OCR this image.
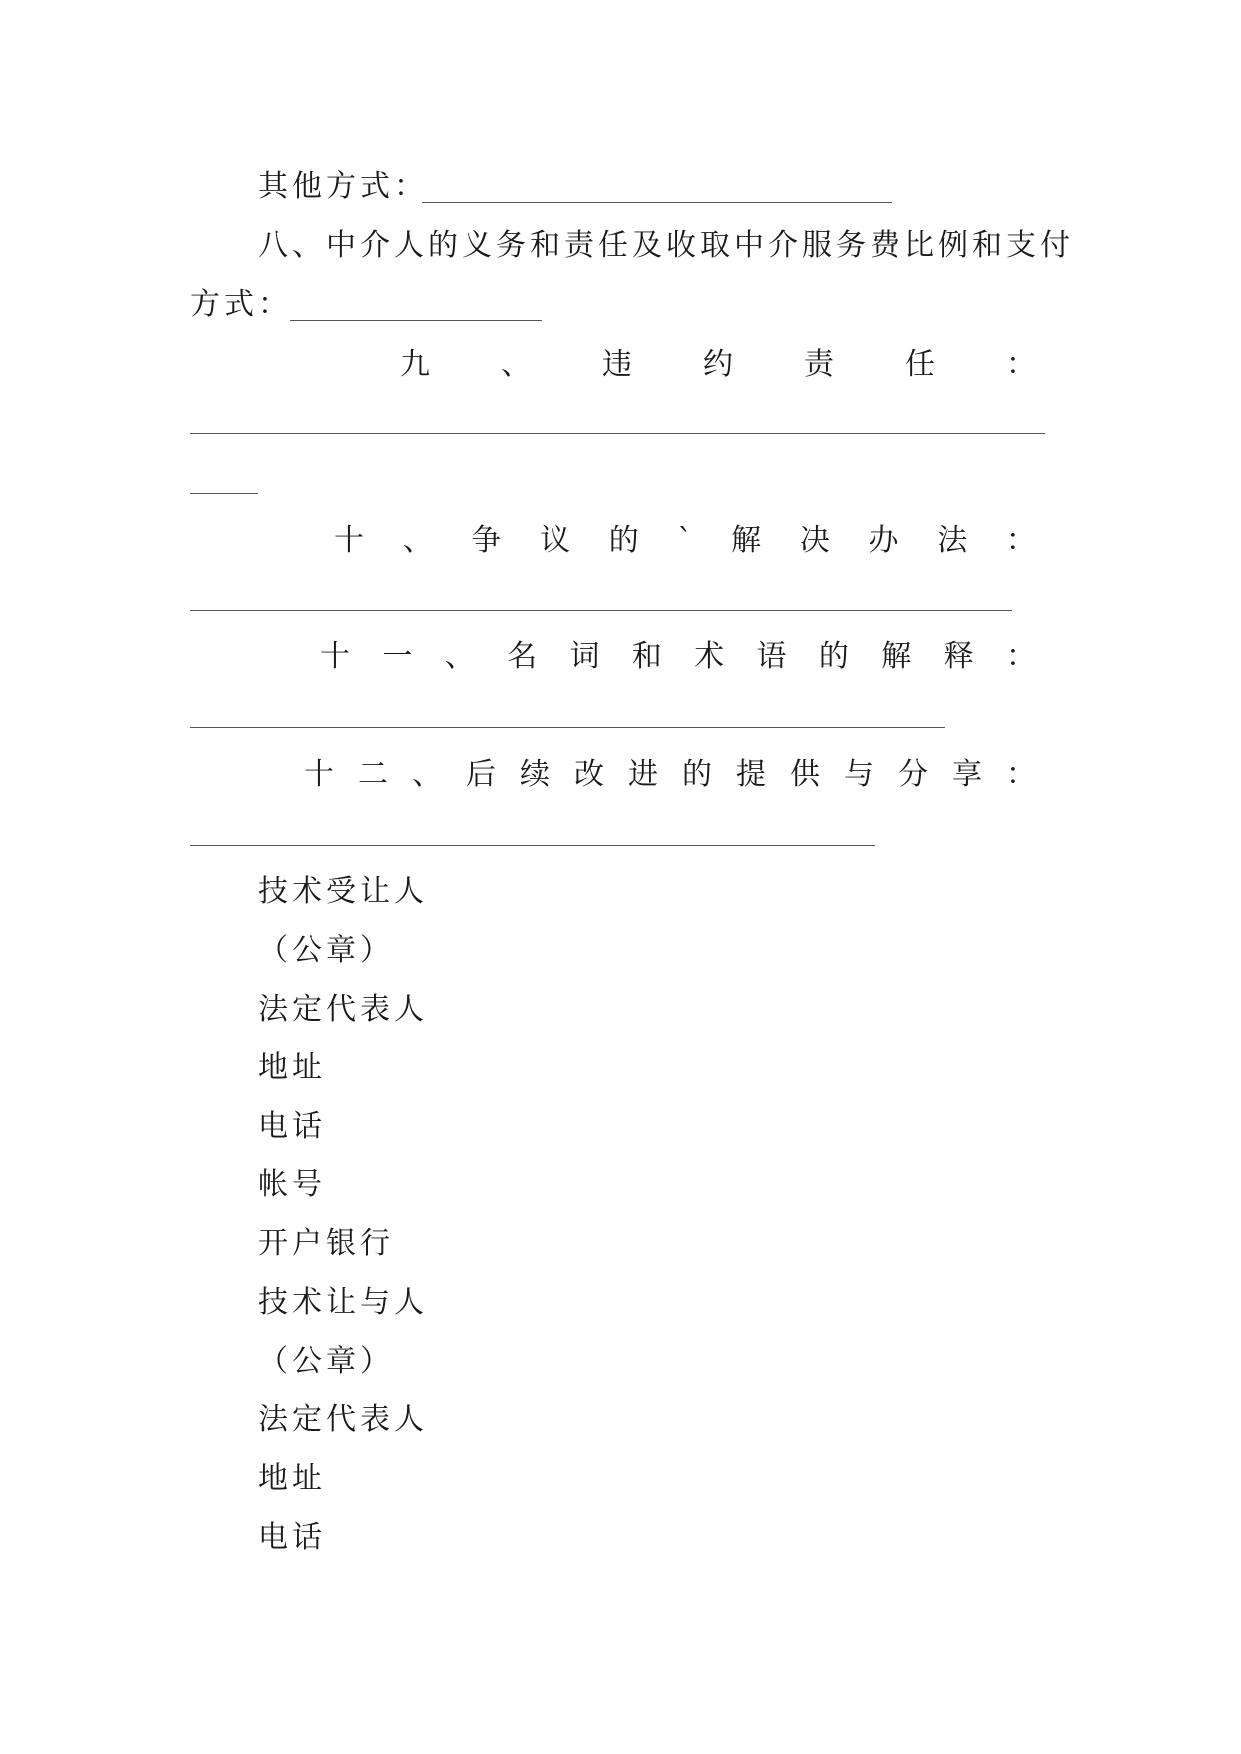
其他方式：
八、中介人的义务和责任及收取中介服务费比例和支付
方式：
九 、 违 约 责 任 ：
十 、 争 议 的 ` 解 决 办 法 ：
十 一 、 名 词 和 术 语 的 解 释 ：
十 二 、 后 续 改 进 的 提 供 与 分 享 ：
技术受让人
（公章）
法定代表人
地址
电话
帐号
开户银行
技术让与人
（公章）
法定代表人
地址
电话
